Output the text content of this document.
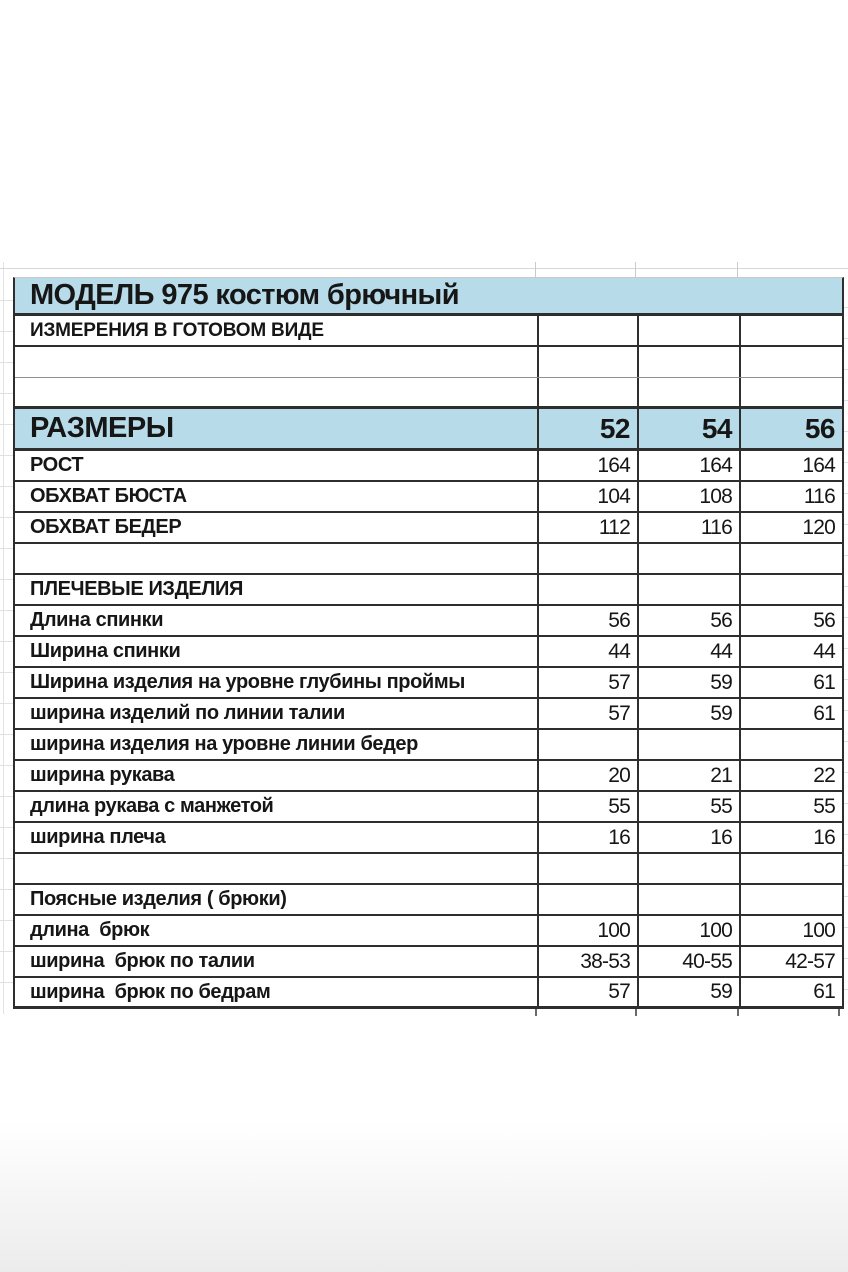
МОДЕЛЬ 975 костюм брючный
ИЗМЕРЕНИЯ В ГОТОВОМ ВИДЕ
РАЗМЕРЫ	52	54	56
РОСТ	164	164	164
ОБХВАТ БЮСТА	104	108	116
ОБХВАТ БЕДЕР	112	116	120
ПЛЕЧЕВЫЕ ИЗДЕЛИЯ
Длина спинки	56	56	56
Ширина спинки	44	44	44
Ширина изделия на уровне глубины проймы	57	59	61
ширина изделий по линии талии	57	59	61
ширина изделия на уровне линии бедер
ширина рукава	20	21	22
длина рукава с манжетой	55	55	55
ширина плеча	16	16	16
Поясные изделия ( брюки)
длина  брюк	100	100	100
ширина  брюк по талии	38-53	40-55	42-57
ширина  брюк по бедрам	57	59	61
